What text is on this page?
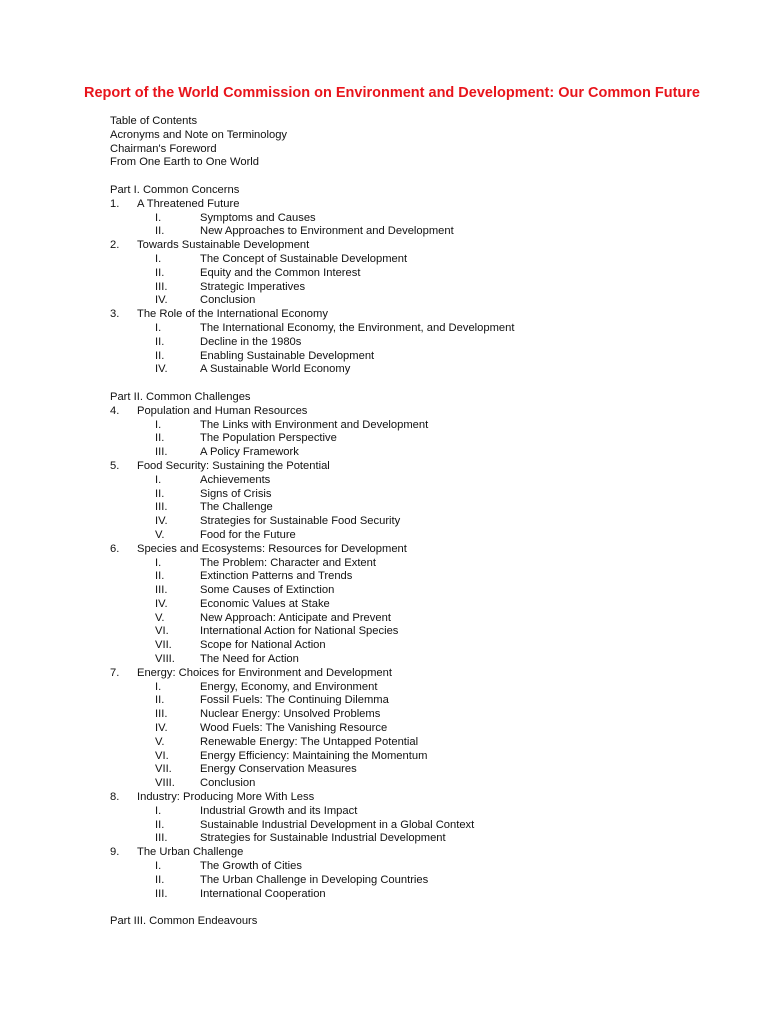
Report of the World Commission on Environment and Development: Our Common Future
Table of Contents
Acronyms and Note on Terminology
Chairman's Foreword
From One Earth to One World
Part I. Common Concerns
1. A Threatened Future
I.	Symptoms and Causes
II.	New Approaches to Environment and Development
2. Towards Sustainable Development
I.	The Concept of Sustainable Development
II.	Equity and the Common Interest
III.	Strategic Imperatives
IV.	Conclusion
3. The Role of the International Economy
I.	The International Economy, the Environment, and Development
II.	Decline in the 1980s
II.	Enabling Sustainable Development
IV.	A Sustainable World Economy
Part II. Common Challenges
4. Population and Human Resources
I.	The Links with Environment and Development
II.	The Population Perspective
III.	A Policy Framework
5. Food Security: Sustaining the Potential
I.	Achievements
II.	Signs of Crisis
III.	The Challenge
IV.	Strategies for Sustainable Food Security
V.	Food for the Future
6. Species and Ecosystems: Resources for Development
I.	The Problem: Character and Extent
II.	Extinction Patterns and Trends
III.	Some Causes of Extinction
IV.	Economic Values at Stake
V.	New Approach: Anticipate and Prevent
VI.	International Action for National Species
VII.	Scope for National Action
VIII. The Need for Action
7. Energy: Choices for Environment and Development
I.	Energy, Economy, and Environment
II.	Fossil Fuels: The Continuing Dilemma
III.	Nuclear Energy: Unsolved Problems
IV.	Wood Fuels: The Vanishing Resource
V.	Renewable Energy: The Untapped Potential
VI.	Energy Efficiency: Maintaining the Momentum
VII.	Energy Conservation Measures
VIII. Conclusion
8. Industry: Producing More With Less
I.	Industrial Growth and its Impact
II.	Sustainable Industrial Development in a Global Context
III.	Strategies for Sustainable Industrial Development
9. The Urban Challenge
I.	The Growth of Cities
II.	The Urban Challenge in Developing Countries
III.	International Cooperation
Part III. Common Endeavours
